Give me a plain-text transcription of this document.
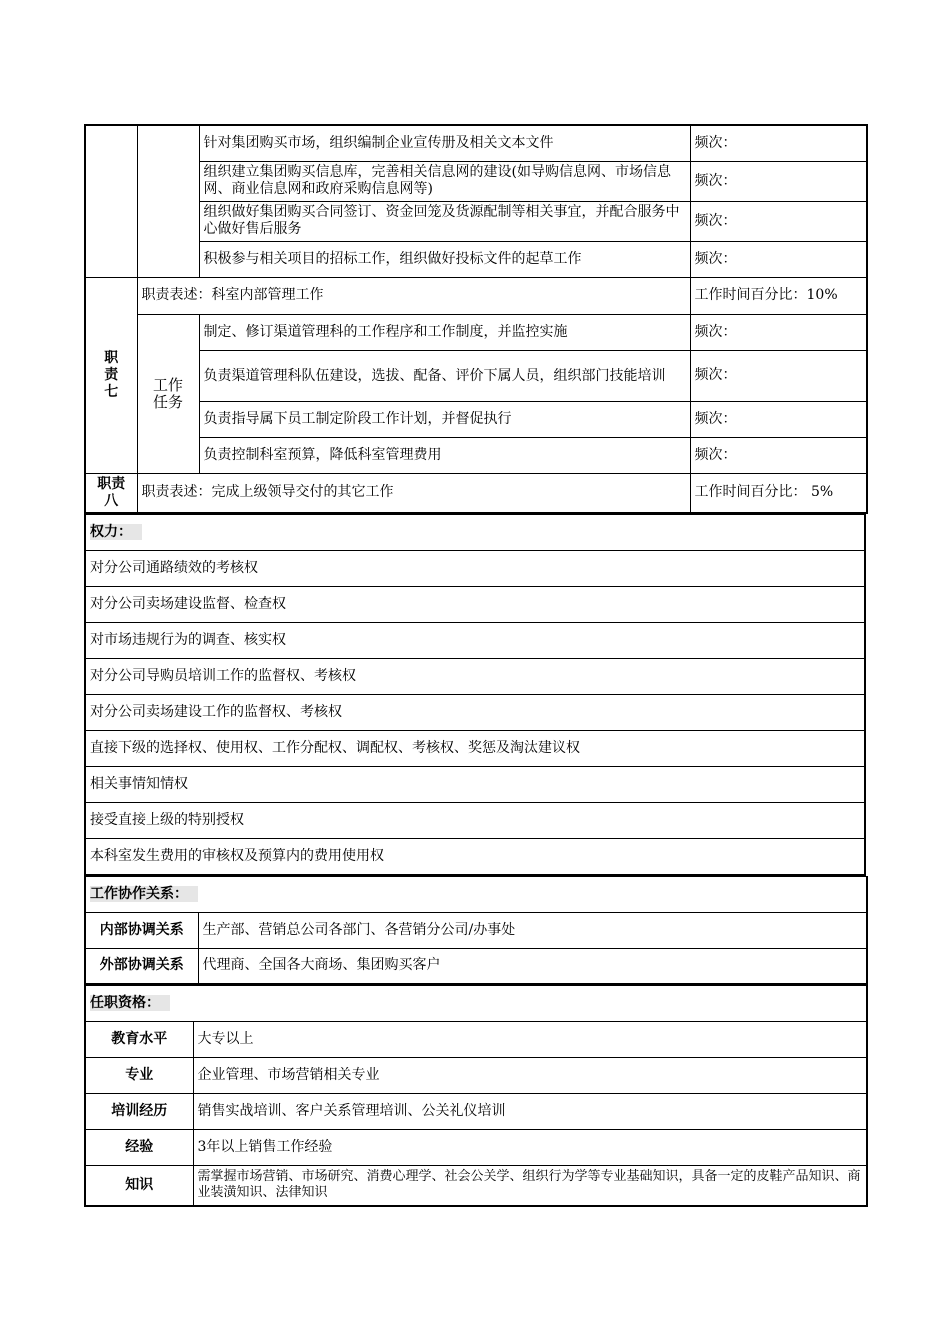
		针对集团购买市场，组织编制企业宣传册及相关文本文件	频次：
		组织建立集团购买信息库，完善相关信息网的建设(如导购信息网、市场信息网、商业信息网和政府采购信息网等)	频次：
		组织做好集团购买合同签订、资金回笼及货源配制等相关事宜，并配合服务中心做好售后服务	频次：
		积极参与相关项目的招标工作，组织做好投标文件的起草工作	频次：
职责七	职责表述：科室内部管理工作		工作时间百分比：10%
	工作任务	制定、修订渠道管理科的工作程序和工作制度，并监控实施	频次：
		负责渠道管理科队伍建设，选拔、配备、评价下属人员，组织部门技能培训	频次：
		负责指导属下员工制定阶段工作计划，并督促执行	频次：
		负责控制科室预算，降低科室管理费用	频次：
职责八	职责表述：完成上级领导交付的其它工作		工作时间百分比： 5%
权力：
对分公司通路绩效的考核权
对分公司卖场建设监督、检查权
对市场违规行为的调查、核实权
对分公司导购员培训工作的监督权、考核权
对分公司卖场建设工作的监督权、考核权
直接下级的选择权、使用权、工作分配权、调配权、考核权、奖惩及淘汰建议权
相关事情知情权
接受直接上级的特别授权
本科室发生费用的审核权及预算内的费用使用权
工作协作关系：	
内部协调关系	生产部、营销总公司各部门、各营销分公司/办事处
外部协调关系	代理商、全国各大商场、集团购买客户
任职资格：	
教育水平	大专以上
专业	企业管理、市场营销相关专业
培训经历	销售实战培训、客户关系管理培训、公关礼仪培训
经验	3年以上销售工作经验
知识	需掌握市场营销、市场研究、消费心理学、社会公关学、组织行为学等专业基础知识，具备一定的皮鞋产品知识、商业装潢知识、法律知识
